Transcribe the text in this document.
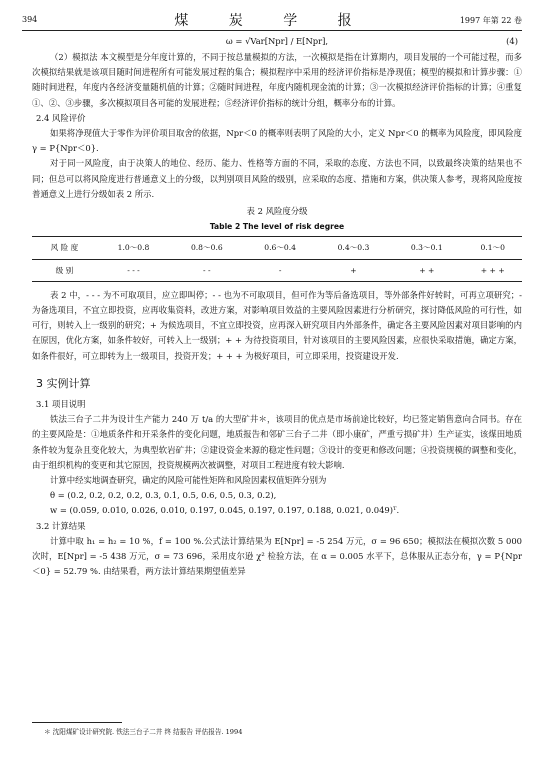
394	煤 炭 学 报	1997 年第 22 卷
ω = √Var[Npr] / E[Npr],	(4)

（2）模拟法 本文模型是分年度计算的，不同于按总量模拟的方法，一次模拟是指在计算期内，项目发展的一个可能过程，而多次模拟结果就是该项目随时间进程所有可能发展过程的集合；模拟程序中采用的经济评价指标是净现值；模型的模拟和计算步骤：①随时间进程，年度内各经济变量随机值的计算；②随时间进程，年度内随机现金流的计算；③一次模拟经济评价指标的计算；④重复①、②、③步骤，多次模拟项目各可能的发展进程；⑤经济评价指标的统计分组，概率分布的计算。

2.4 风险评价

如果将净现值大于零作为评价项目取舍的依据，Npr＜0 的概率则表明了风险的大小，定义 Npr＜0 的概率为风险度，即风险度 γ = P{Npr＜0}.

对于同一风险度，由于决策人的地位、经历、能力、性格等方面的不同，采取的态度、方法也不同，以致最终决策的结果也不同；但总可以将风险度进行普通意义上的分级，以判别项目风险的级别，应采取的态度、措施和方案，供决策人参考，现将风险度按普通意义上进行分级如表 2 所示.

表 2 风险度分级

Table 2 The level of risk degree

风 险 度	1.0～0.8	0.8～0.6	0.6～0.4	0.4～0.3	0.3～0.1	0.1～0
级 别	- - -	- -	-	+	+ +	+ + +

表 2 中，- - - 为不可取项目，应立即叫停；- - 也为不可取项目，但可作为等后备选项目，等外部条件好转时，可再立项研究；- 为备选项目，不宜立即投资，应再收集资料，改进方案，对影响项目效益的主要风险因素进行分析研究，探讨降低风险的可行性，如可行，则转入上一级别的研究；+ 为候选项目，不宜立即投资，应再深入研究项目内外部条件，确定各主要风险因素对项目影响的内在原因，优化方案，如条件较好，可转入上一级别；+ + 为待投资项目，针对该项目的主要风险因素，应很快采取措施，确定方案，如条件很好，可立即转为上一级项目，投资开发；+ + + 为极好项目，可立即采用，投资建设开发.

3 实例计算

3.1 项目说明

铁法三台子二井为设计生产能力 240 万 t/a 的大型矿井＊，该项目的优点是市场前途比较好，均已签定销售意向合同书。存在的主要风险是：①地质条件和开采条件的变化问题，地质报告和邻矿三台子二井（即小康矿，严重亏损矿井）生产证实，该煤田地质条件较为复杂且变化较大，为典型软岩矿井；②建设资金来源的稳定性问题；③设计的变更和修改问题；④投资规模的调整和变化，由于组织机构的变更和其它原因，投资规模两次被调整，对项目工程进度有较大影响.

计算中经实地调查研究，确定的风险可能性矩阵和风险因素权值矩阵分别为

θ = (0.2, 0.2, 0.2, 0.2, 0.3, 0.1, 0.5, 0.6, 0.5, 0.3, 0.2),

w = (0.059, 0.010, 0.026, 0.010, 0.197, 0.045, 0.197, 0.197, 0.188, 0.021, 0.049)ᵀ.

3.2 计算结果

计算中取 h₁ = h₂ = 10 %，f = 100 %.公式法计算结果为 E[Npr] = -5 254 万元，σ = 96 650；模拟法在模拟次数 5 000 次时，E[Npr] = -5 438 万元，σ = 73 696，采用皮尔逊 χ² 检验方法，在 α = 0.005 水平下，总体服从正态分布，γ = P{Npr＜0} = 52.79 %. 由结果看，两方法计算结果期望值差异

＊ 沈阳煤矿设计研究院. 铁法三台子二井 终 结报告 评估报告. 1994
